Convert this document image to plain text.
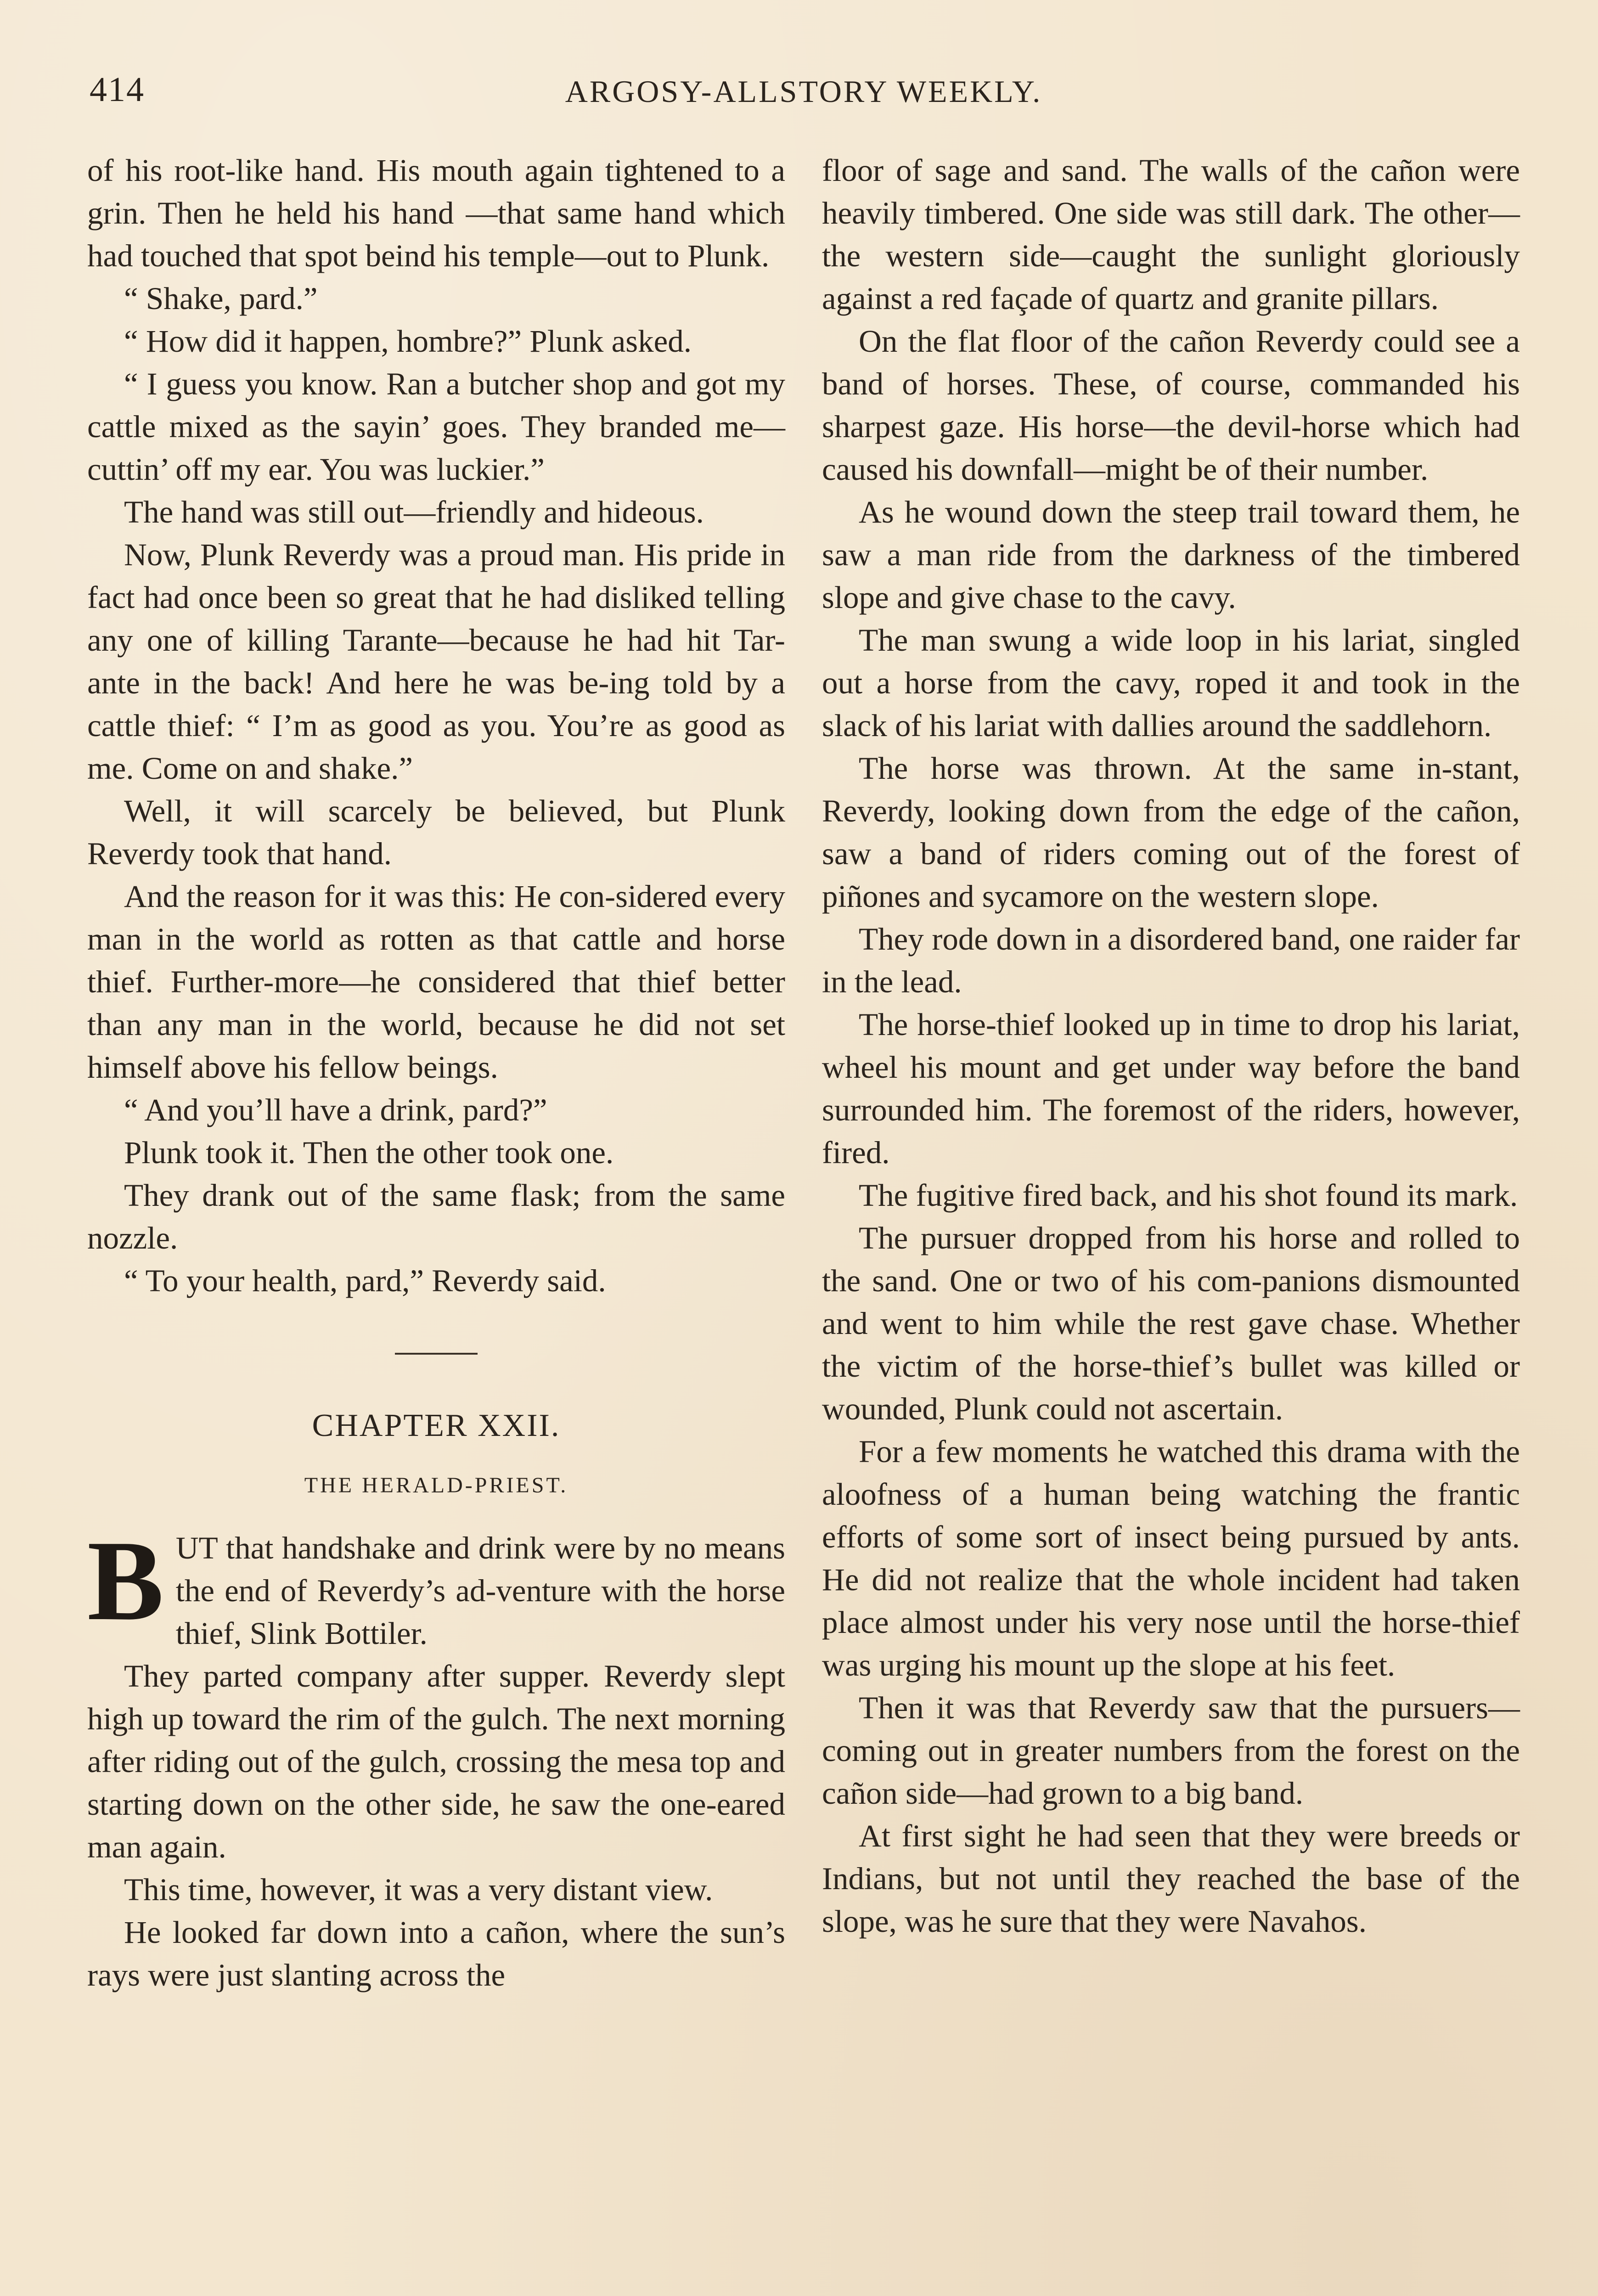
414	ARGOSY-ALLSTORY WEEKLY.

of his root-like hand. His mouth again tightened to a grin. Then he held his hand —that same hand which had touched that spot beind his temple—out to Plunk.

“ Shake, pard.”

“ How did it happen, hombre?” Plunk asked.

“ I guess you know. Ran a butcher shop and got my cattle mixed as the sayin’ goes. They branded me—cuttin’ off my ear. You was luckier.”

The hand was still out—friendly and hideous.

Now, Plunk Reverdy was a proud man. His pride in fact had once been so great that he had disliked telling any one of killing Tarante—because he had hit Tar-ante in the back! And here he was be-ing told by a cattle thief: “ I’m as good as you. You’re as good as me. Come on and shake.”

Well, it will scarcely be believed, but Plunk Reverdy took that hand.

And the reason for it was this: He con-sidered every man in the world as rotten as that cattle and horse thief. Further-more—he considered that thief better than any man in the world, because he did not set himself above his fellow beings.

“ And you’ll have a drink, pard?”

Plunk took it. Then the other took one.

They drank out of the same flask; from the same nozzle.

“ To your health, pard,” Reverdy said.

CHAPTER XXII.
THE HERALD-PRIEST.

BUT that handshake and drink were by no means the end of Reverdy’s ad-venture with the horse thief, Slink Bottiler.

They parted company after supper. Reverdy slept high up toward the rim of the gulch. The next morning after riding out of the gulch, crossing the mesa top and starting down on the other side, he saw the one-eared man again.

This time, however, it was a very distant view.

He looked far down into a cañon, where the sun’s rays were just slanting across the

floor of sage and sand. The walls of the cañon were heavily timbered. One side was still dark. The other—the western side—caught the sunlight gloriously against a red façade of quartz and granite pillars.

On the flat floor of the cañon Reverdy could see a band of horses. These, of course, commanded his sharpest gaze. His horse—the devil-horse which had caused his downfall—might be of their number.

As he wound down the steep trail toward them, he saw a man ride from the darkness of the timbered slope and give chase to the cavy.

The man swung a wide loop in his lariat, singled out a horse from the cavy, roped it and took in the slack of his lariat with dallies around the saddlehorn.

The horse was thrown. At the same in-stant, Reverdy, looking down from the edge of the cañon, saw a band of riders coming out of the forest of piñones and sycamore on the western slope.

They rode down in a disordered band, one raider far in the lead.

The horse-thief looked up in time to drop his lariat, wheel his mount and get under way before the band surrounded him. The foremost of the riders, however, fired.

The fugitive fired back, and his shot found its mark.

The pursuer dropped from his horse and rolled to the sand. One or two of his com-panions dismounted and went to him while the rest gave chase. Whether the victim of the horse-thief’s bullet was killed or wounded, Plunk could not ascertain.

For a few moments he watched this drama with the aloofness of a human being watching the frantic efforts of some sort of insect being pursued by ants. He did not realize that the whole incident had taken place almost under his very nose until the horse-thief was urging his mount up the slope at his feet.

Then it was that Reverdy saw that the pursuers—coming out in greater numbers from the forest on the cañon side—had grown to a big band.

At first sight he had seen that they were breeds or Indians, but not until they reached the base of the slope, was he sure that they were Navahos.
